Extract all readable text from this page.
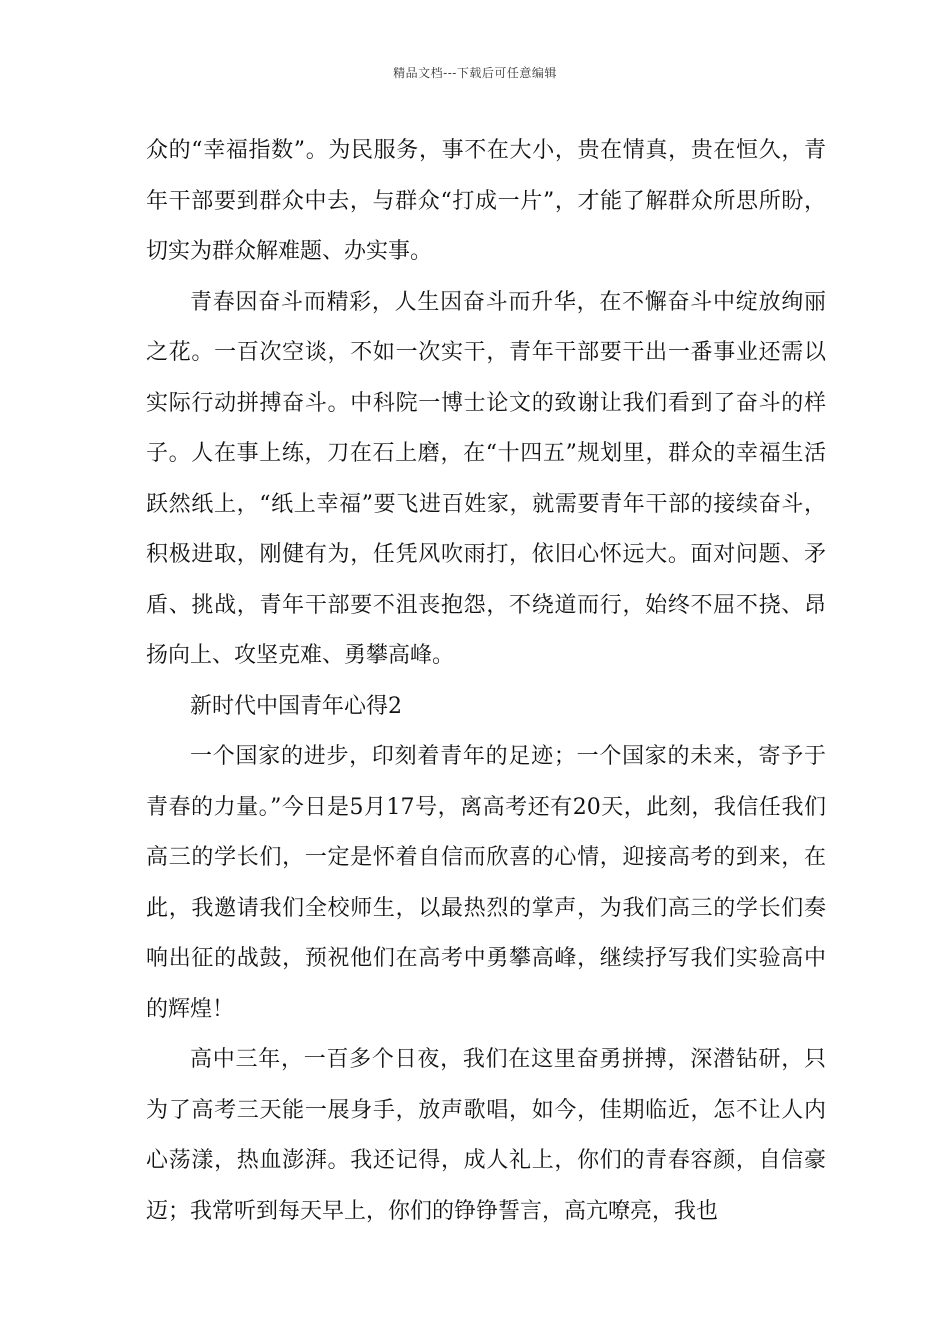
精品文档---下载后可任意编辑

众的“幸福指数”。为民服务，事不在大小，贵在情真，贵在恒久，青年干部要到群众中去，与群众“打成一片”，才能了解群众所思所盼，切实为群众解难题、办实事。

青春因奋斗而精彩，人生因奋斗而升华，在不懈奋斗中绽放绚丽之花。一百次空谈，不如一次实干，青年干部要干出一番事业还需以实际行动拼搏奋斗。中科院一博士论文的致谢让我们看到了奋斗的样子。人在事上练，刀在石上磨，在“十四五”规划里，群众的幸福生活跃然纸上，“纸上幸福”要飞进百姓家，就需要青年干部的接续奋斗，积极进取，刚健有为，任凭风吹雨打，依旧心怀远大。面对问题、矛盾、挑战，青年干部要不沮丧抱怨，不绕道而行，始终不屈不挠、昂扬向上、攻坚克难、勇攀高峰。

新时代中国青年心得2

一个国家的进步，印刻着青年的足迹；一个国家的未来，寄予于青春的力量。”今日是5月17号，离高考还有20天，此刻，我信任我们高三的学长们，一定是怀着自信而欣喜的心情，迎接高考的到来，在此，我邀请我们全校师生，以最热烈的掌声，为我们高三的学长们奏响出征的战鼓，预祝他们在高考中勇攀高峰，继续抒写我们实验高中的辉煌！

高中三年，一百多个日夜，我们在这里奋勇拼搏，深潜钻研，只为了高考三天能一展身手，放声歌唱，如今，佳期临近，怎不让人内心荡漾，热血澎湃。我还记得，成人礼上，你们的青春容颜，自信豪迈；我常听到每天早上，你们的铮铮誓言，高亢嘹亮，我也
